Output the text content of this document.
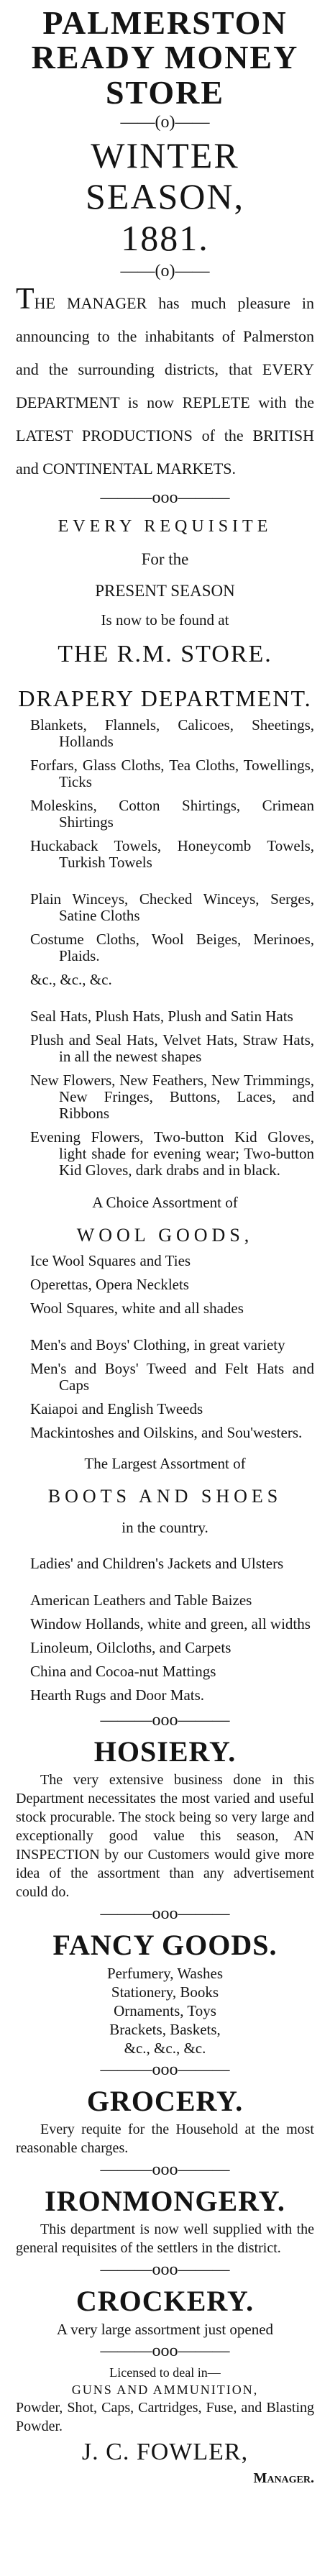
PALMERSTON
READY MONEY STORE
——(o)——
WINTER SEASON,
1881.
——(o)——

THE MANAGER has much pleasure in announcing to the inhabitants of Palmerston and the surrounding districts, that EVERY DEPARTMENT is now REPLETE with the LATEST PRODUCTIONS of the BRITISH and CONTINENTAL MARKETS.

———ooo———

EVERY REQUISITE

For the

PRESENT SEASON

Is now to be found at

THE R.M. STORE.

DRAPERY DEPARTMENT.

Blankets, Flannels, Calicoes, Sheetings, Hollands
Forfars, Glass Cloths, Tea Cloths, Towellings, Ticks
Moleskins, Cotton Shirtings, Crimean Shirtings
Huckaback Towels, Honeycomb Towels, Turkish Towels
Plain Winceys, Checked Winceys, Serges, Satine Cloths
Costume Cloths, Wool Beiges, Merinoes, Plaids.
&c., &c., &c.
Seal Hats, Plush Hats, Plush and Satin Hats
Plush and Seal Hats, Velvet Hats, Straw Hats, in all the newest shapes
New Flowers, New Feathers, New Trimmings, New Fringes, Buttons, Laces, and Ribbons
Evening Flowers, Two-button Kid Gloves, light shade for evening wear; Two-button Kid Gloves, dark drabs and in black.

A Choice Assortment of

WOOL GOODS,

Ice Wool Squares and Ties
Operettas, Opera Necklets
Wool Squares, white and all shades
Men's and Boys' Clothing, in great variety
Men's and Boys' Tweed and Felt Hats and Caps
Kaiapoi and English Tweeds
Mackintoshes and Oilskins, and Sou'westers.

The Largest Assortment of

BOOTS AND SHOES

in the country.

Ladies' and Children's Jackets and Ulsters
American Leathers and Table Baizes
Window Hollands, white and green, all widths
Linoleum, Oilcloths, and Carpets
China and Cocoa-nut Mattings
Hearth Rugs and Door Mats.
———ooo———

HOSIERY.

The very extensive business done in this Department necessitates the most varied and useful stock procurable. The stock being so very large and exceptionally good value this season, AN INSPECTION by our Customers would give more idea of the assortment than any advertisement could do.

———ooo———

FANCY GOODS.

Perfumery, Washes

Stationery, Books

Ornaments, Toys

Brackets, Baskets,

&c., &c., &c.

———ooo———

GROCERY.

Every requite for the Household at the most reasonable charges.

———ooo———

IRONMONGERY.

This department is now well supplied with the general requisites of the settlers in the district.

———ooo———

CROCKERY.

A very large assortment just opened

———ooo———

Licensed to deal in—

GUNS AND AMMUNITION,

Powder, Shot, Caps, Cartridges, Fuse, and Blasting Powder.

J. C. FOWLER,

Manager.
